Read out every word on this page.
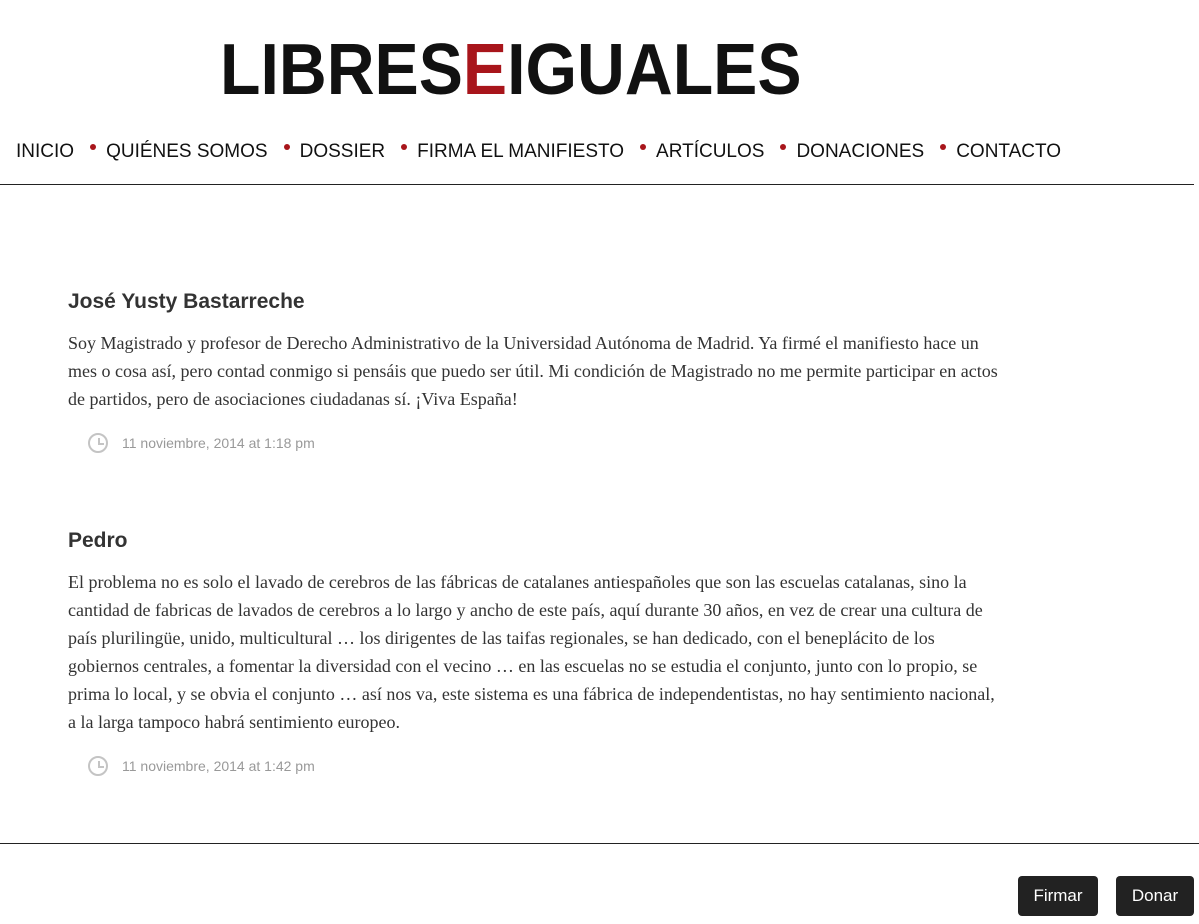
LIBRESEIGUALES
INICIO QUIÉNES SOMOS DOSSIER FIRMA EL MANIFIESTO ARTÍCULOS DONACIONES CONTACTO
José Yusty Bastarreche

Soy Magistrado y profesor de Derecho Administrativo de la Universidad Autónoma de Madrid. Ya firmé el manifiesto hace un mes o cosa así, pero contad conmigo si pensáis que puedo ser útil. Mi condición de Magistrado no me permite participar en actos de partidos, pero de asociaciones ciudadanas sí. ¡Viva España!

11 noviembre, 2014 at 1:18 pm
Pedro

El problema no es solo el lavado de cerebros de las fábricas de catalanes antiespañoles que son las escuelas catalanas, sino la cantidad de fabricas de lavados de cerebros a lo largo y ancho de este país, aquí durante 30 años, en vez de crear una cultura de país plurilingüe, unido, multicultural … los dirigentes de las taifas regionales, se han dedicado, con el beneplácito de los gobiernos centrales, a fomentar la diversidad con el vecino … en las escuelas no se estudia el conjunto, junto con lo propio, se prima lo local, y se obvia el conjunto … así nos va, este sistema es una fábrica de independentistas, no hay sentimiento nacional, a la larga tampoco habrá sentimiento europeo.

11 noviembre, 2014 at 1:42 pm
Firmar	Donar
